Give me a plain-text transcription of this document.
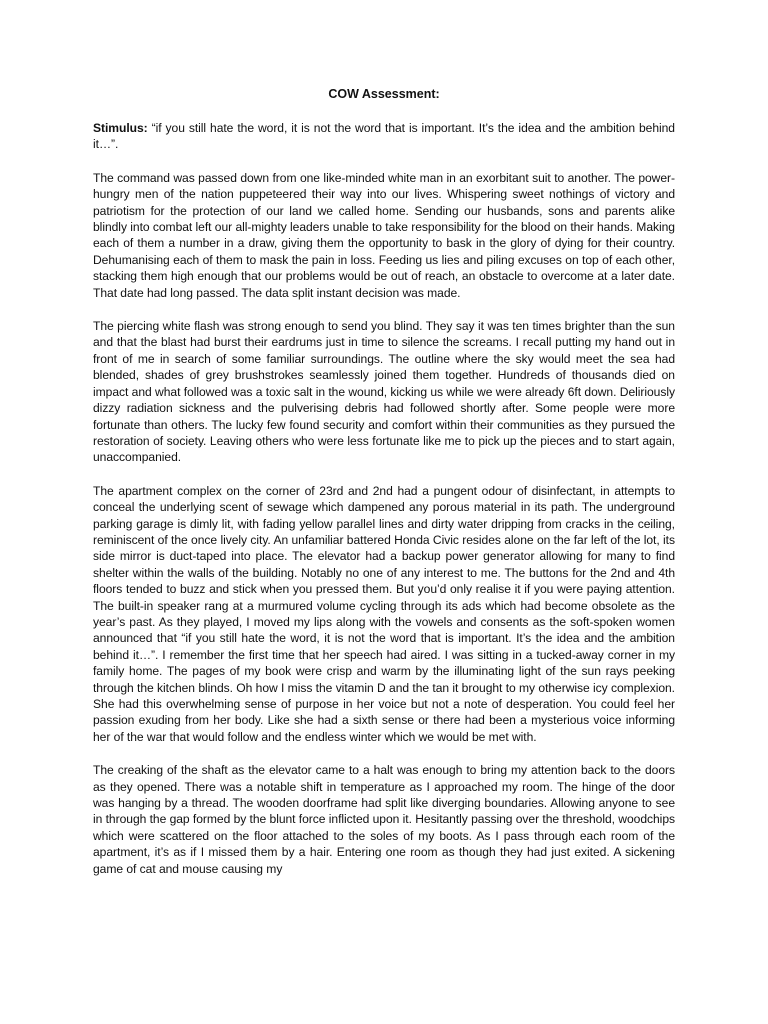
COW Assessment:

Stimulus: “if you still hate the word, it is not the word that is important. It’s the idea and the ambition behind it…”.

The command was passed down from one like-minded white man in an exorbitant suit to another. The power-hungry men of the nation puppeteered their way into our lives. Whispering sweet nothings of victory and patriotism for the protection of our land we called home. Sending our husbands, sons and parents alike blindly into combat left our all-mighty leaders unable to take responsibility for the blood on their hands. Making each of them a number in a draw, giving them the opportunity to bask in the glory of dying for their country. Dehumanising each of them to mask the pain in loss. Feeding us lies and piling excuses on top of each other, stacking them high enough that our problems would be out of reach, an obstacle to overcome at a later date. That date had long passed. The data split instant decision was made.

The piercing white flash was strong enough to send you blind. They say it was ten times brighter than the sun and that the blast had burst their eardrums just in time to silence the screams. I recall putting my hand out in front of me in search of some familiar surroundings. The outline where the sky would meet the sea had blended, shades of grey brushstrokes seamlessly joined them together. Hundreds of thousands died on impact and what followed was a toxic salt in the wound, kicking us while we were already 6ft down. Deliriously dizzy radiation sickness and the pulverising debris had followed shortly after. Some people were more fortunate than others. The lucky few found security and comfort within their communities as they pursued the restoration of society. Leaving others who were less fortunate like me to pick up the pieces and to start again, unaccompanied.

The apartment complex on the corner of 23rd and 2nd had a pungent odour of disinfectant, in attempts to conceal the underlying scent of sewage which dampened any porous material in its path. The underground parking garage is dimly lit, with fading yellow parallel lines and dirty water dripping from cracks in the ceiling, reminiscent of the once lively city. An unfamiliar battered Honda Civic resides alone on the far left of the lot, its side mirror is duct-taped into place. The elevator had a backup power generator allowing for many to find shelter within the walls of the building. Notably no one of any interest to me. The buttons for the 2nd and 4th floors tended to buzz and stick when you pressed them. But you’d only realise it if you were paying attention. The built-in speaker rang at a murmured volume cycling through its ads which had become obsolete as the year’s past. As they played, I moved my lips along with the vowels and consents as the soft-spoken women announced that “if you still hate the word, it is not the word that is important. It’s the idea and the ambition behind it…”. I remember the first time that her speech had aired. I was sitting in a tucked-away corner in my family home. The pages of my book were crisp and warm by the illuminating light of the sun rays peeking through the kitchen blinds. Oh how I miss the vitamin D and the tan it brought to my otherwise icy complexion. She had this overwhelming sense of purpose in her voice but not a note of desperation. You could feel her passion exuding from her body. Like she had a sixth sense or there had been a mysterious voice informing her of the war that would follow and the endless winter which we would be met with.

The creaking of the shaft as the elevator came to a halt was enough to bring my attention back to the doors as they opened. There was a notable shift in temperature as I approached my room. The hinge of the door was hanging by a thread. The wooden doorframe had split like diverging boundaries. Allowing anyone to see in through the gap formed by the blunt force inflicted upon it. Hesitantly passing over the threshold, woodchips which were scattered on the floor attached to the soles of my boots. As I pass through each room of the apartment, it’s as if I missed them by a hair. Entering one room as though they had just exited. A sickening game of cat and mouse causing my
